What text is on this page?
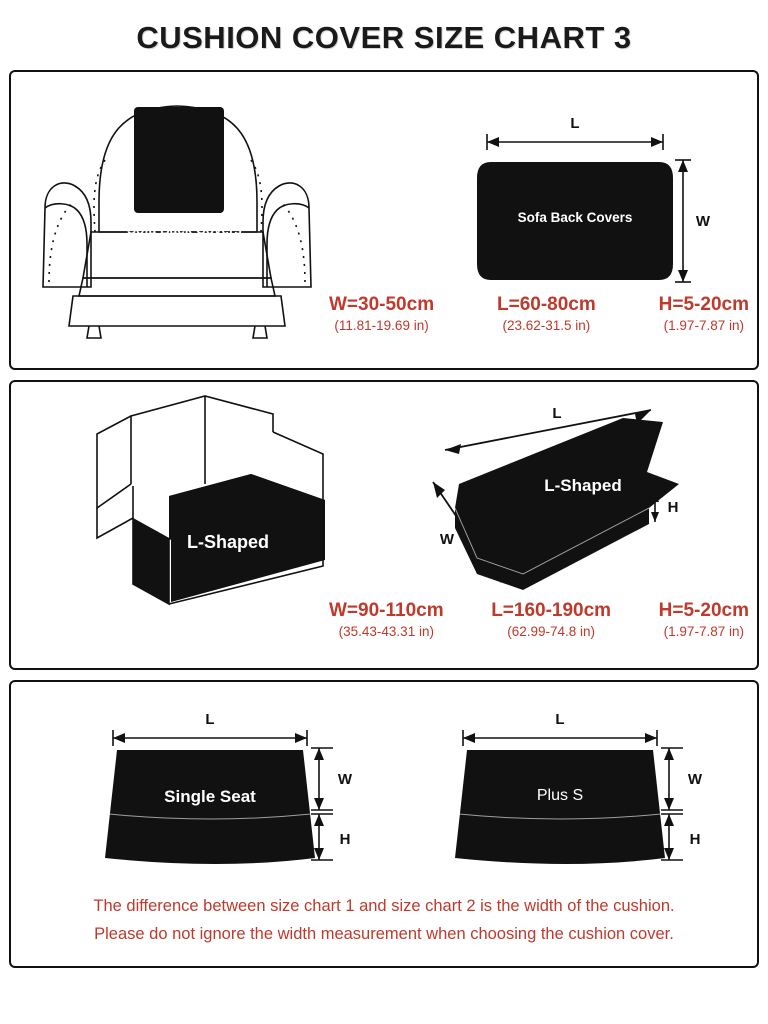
CUSHION COVER SIZE CHART 3
Sofa Back Covers
L
W
Sofa Back Covers
W=30-50cm
(11.81-19.69 in)
L=60-80cm
(23.62-31.5 in)
H=5-20cm
(1.97-7.87 in)
L-Shaped
L
W
H
L-Shaped
W=90-110cm
(35.43-43.31 in)
L=160-190cm
(62.99-74.8 in)
H=5-20cm
(1.97-7.87 in)
L
W
H
Single Seat
L
W
H
Plus S
The difference between size chart 1 and size chart 2 is the width of the cushion.
Please do not ignore the width measurement when choosing the cushion cover.
